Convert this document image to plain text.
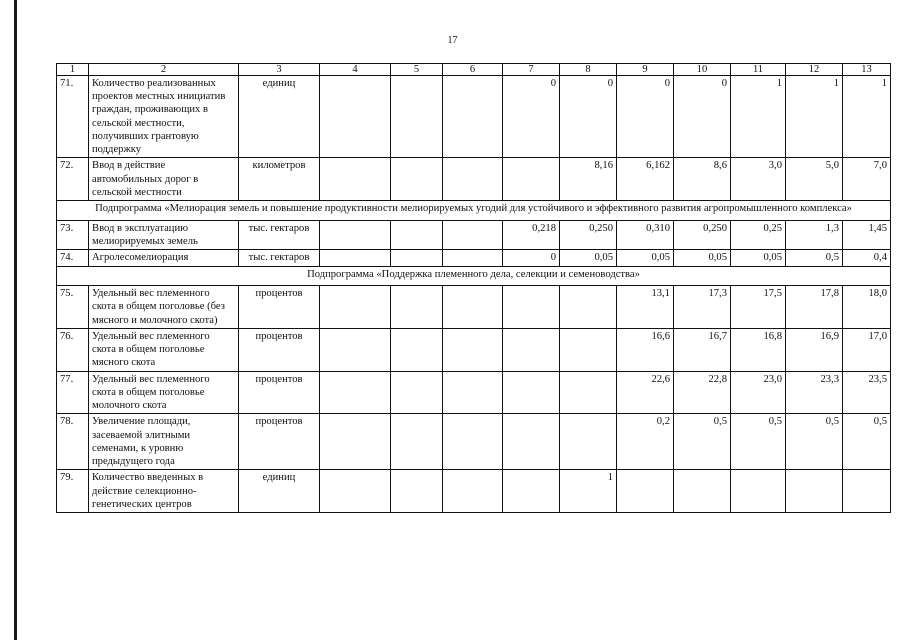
17
1	2	3	4	5	6	7	8	9	10	11	12	13
71.	Количество реализованных проектов местных инициатив граждан, проживающих в сельской местности, получивших грантовую поддержку	единиц				0	0	0	0	1	1	1
72.	Ввод в действие автомобильных дорог в сельской местности	километров					8,16	6,162	8,6	3,0	5,0	7,0
Подпрограмма «Мелиорация земель и повышение продуктивности мелиорируемых угодий для устойчивого и эффективного развития агропромышленного комплекса»												
73.	Ввод в эксплуатацию мелиорируемых земель	тыс. гектаров				0,218	0,250	0,310	0,250	0,25	1,3	1,45
74.	Агролесомелиорация	тыс. гектаров				0	0,05	0,05	0,05	0,05	0,5	0,4
Подпрограмма «Поддержка племенного дела, селекции и семеноводства»												
75.	Удельный вес племенного скота в общем поголовье (без мясного и молочного скота)	процентов						13,1	17,3	17,5	17,8	18,0
76.	Удельный вес племенного скота в общем поголовье мясного скота	процентов						16,6	16,7	16,8	16,9	17,0
77.	Удельный вес племенного скота в общем поголовье молочного скота	процентов						22,6	22,8	23,0	23,3	23,5
78.	Увеличение площади, засеваемой элитными семенами, к уровню предыдущего года	процентов						0,2	0,5	0,5	0,5	0,5
79.	Количество введенных в действие селекционно-генетических центров	единиц					1					
